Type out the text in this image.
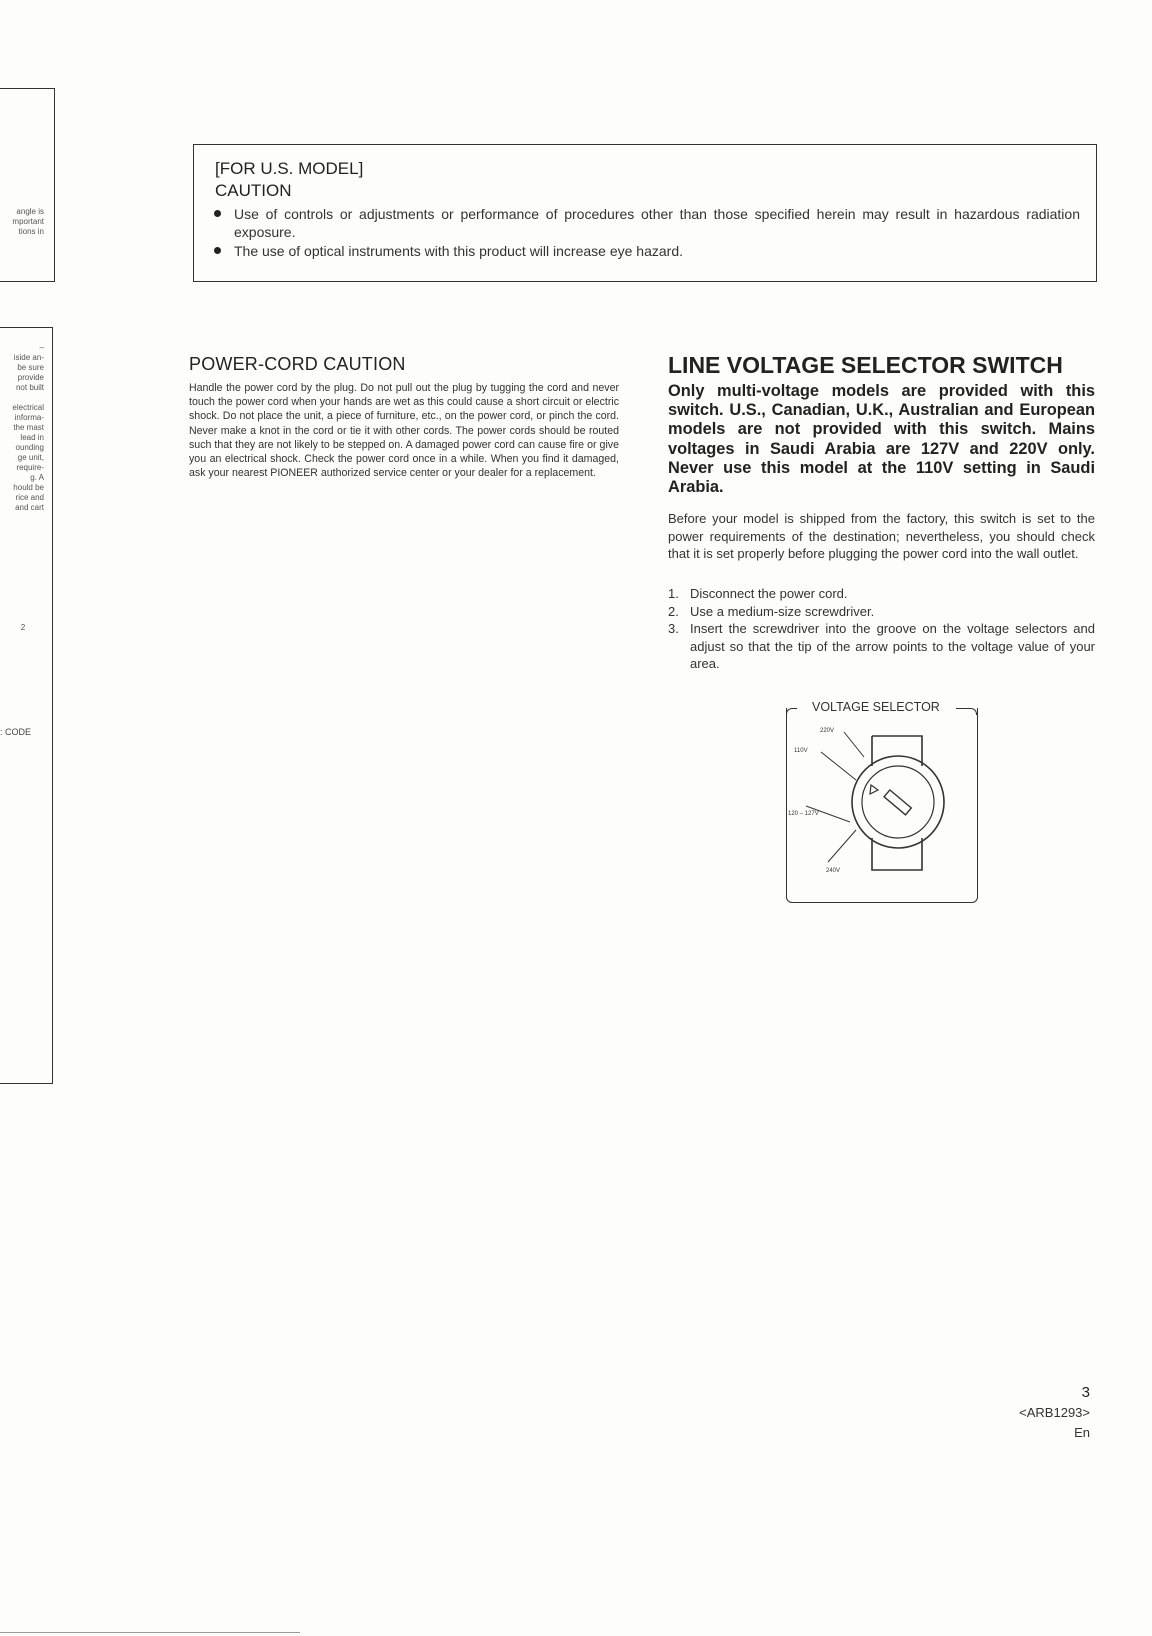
angle is
mportant
tions in
–
iside an-
be sure
provide
not built
electrical
informa-
the mast
lead in
ounding
ge unit,
require-
g. A
hould be
rice and
and cart
2
: CODE
[FOR U.S. MODEL]
CAUTION
Use of controls or adjustments or performance of procedures other than those specified herein may result in hazardous radiation exposure.
The use of optical instruments with this product will increase eye hazard.
POWER-CORD CAUTION

Handle the power cord by the plug. Do not pull out the plug by tugging the cord and never touch the power cord when your hands are wet as this could cause a short circuit or electric shock. Do not place the unit, a piece of furniture, etc., on the power cord, or pinch the cord. Never make a knot in the cord or tie it with other cords. The power cords should be routed such that they are not likely to be stepped on. A damaged power cord can cause fire or give you an electrical shock. Check the power cord once in a while. When you find it damaged, ask your nearest PIONEER authorized service center or your dealer for a replacement.

LINE VOLTAGE SELECTOR SWITCH

Only multi-voltage models are provided with this switch. U.S., Canadian, U.K., Australian and European models are not provided with this switch. Mains voltages in Saudi Arabia are 127V and 220V only. Never use this model at the 110V setting in Saudi Arabia.

Before your model is shipped from the factory, this switch is set to the power requirements of the destination; nevertheless, you should check that it is set properly before plugging the power cord into the wall outlet.

1. Disconnect the power cord.
2. Use a medium-size screwdriver.
3. Insert the screwdriver into the groove on the voltage selectors and adjust so that the tip of the arrow points to the voltage value of your area.
VOLTAGE SELECTOR
220V
110V
120 – 127V
240V
3
<ARB1293>
En
